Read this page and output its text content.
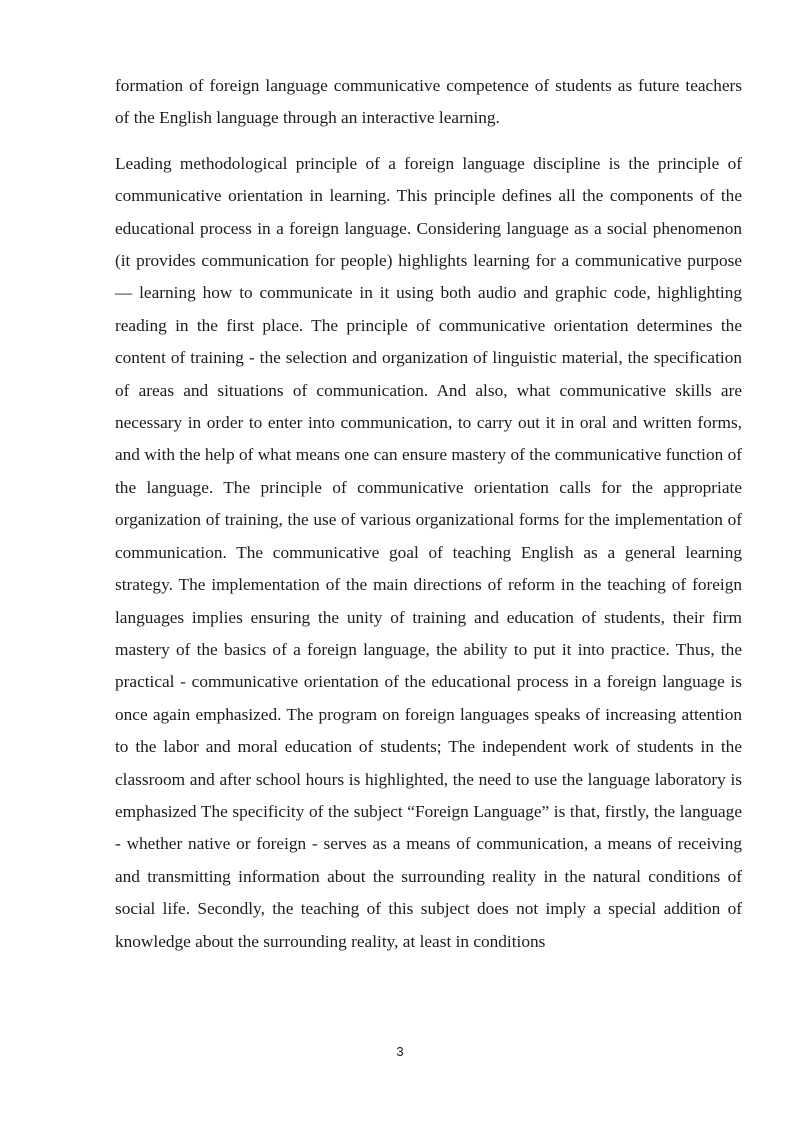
formation of foreign language communicative competence of students as future teachers of the English language through an interactive learning.

Leading methodological principle of a foreign language discipline is the principle of communicative orientation in learning. This principle defines all the components of the educational process in a foreign language. Considering language as a social phenomenon (it provides communication for people) highlights learning for a communicative purpose — learning how to communicate in it using both audio and graphic code, highlighting reading in the first place. The principle of communicative orientation determines the content of training - the selection and organization of linguistic material, the specification of areas and situations of communication. And also, what communicative skills are necessary in order to enter into communication, to carry out it in oral and written forms, and with the help of what means one can ensure mastery of the communicative function of the language. The principle of communicative orientation calls for the appropriate organization of training, the use of various organizational forms for the implementation of communication. The communicative goal of teaching English as a general learning strategy. The implementation of the main directions of reform in the teaching of foreign languages implies ensuring the unity of training and education of students, their firm mastery of the basics of a foreign language, the ability to put it into practice. Thus, the practical - communicative orientation of the educational process in a foreign language is once again emphasized. The program on foreign languages speaks of increasing attention to the labor and moral education of students; The independent work of students in the classroom and after school hours is highlighted, the need to use the language laboratory is emphasized The specificity of the subject “Foreign Language” is that, firstly, the language - whether native or foreign - serves as a means of communication, a means of receiving and transmitting information about the surrounding reality in the natural conditions of social life. Secondly, the teaching of this subject does not imply a special addition of knowledge about the surrounding reality, at least in conditions

3
